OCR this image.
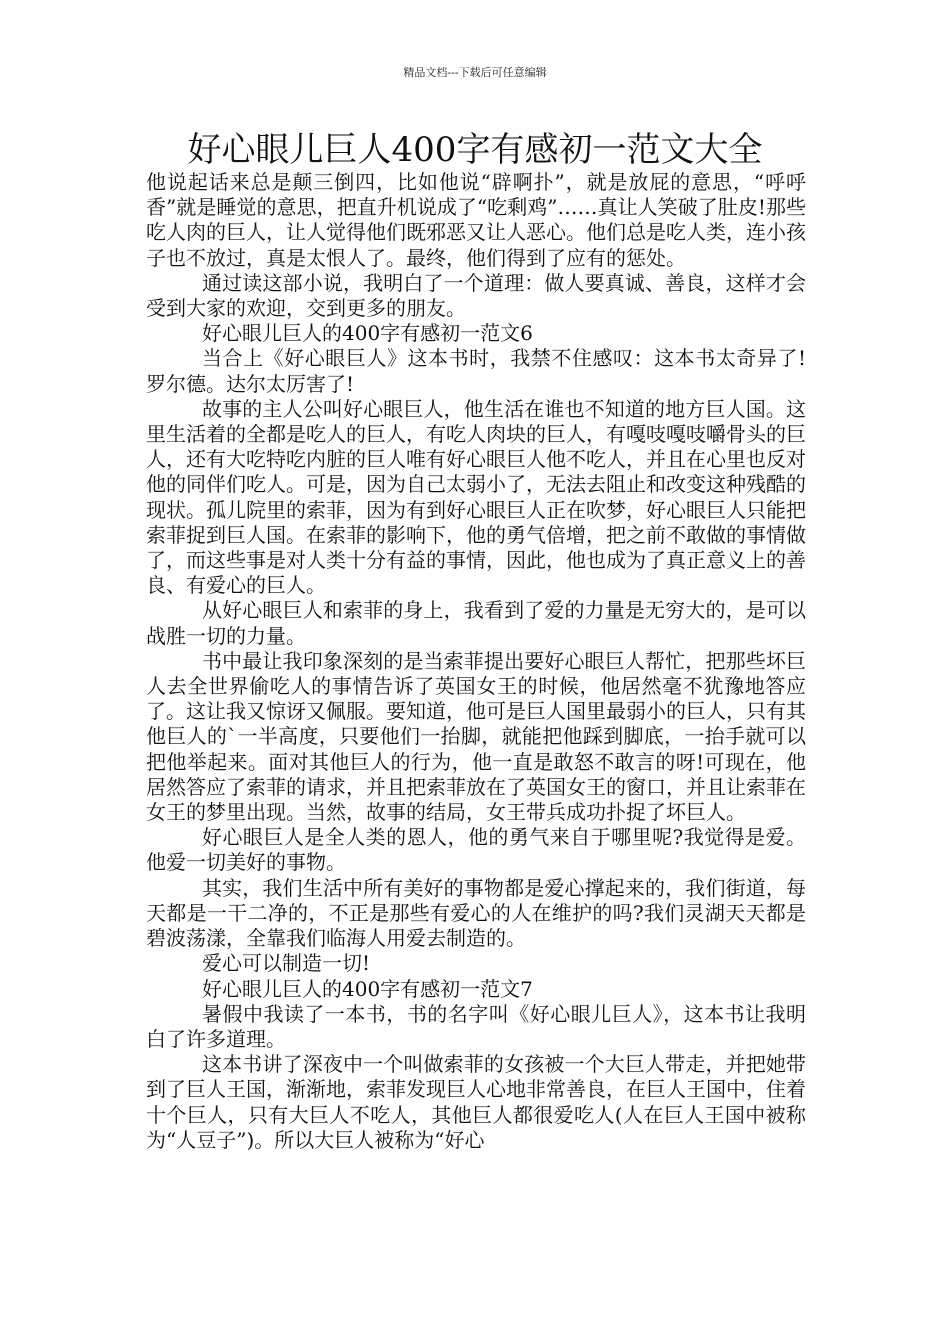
精品文档---下载后可任意编辑
好心眼儿巨人400字有感初一范文大全

他说起话来总是颠三倒四，比如他说“辟啊扑”，就是放屁的意思，“呼呼香”就是睡觉的意思，把直升机说成了“吃剩鸡”……真让人笑破了肚皮!那些吃人肉的巨人，让人觉得他们既邪恶又让人恶心。他们总是吃人类，连小孩子也不放过，真是太恨人了。最终，他们得到了应有的惩处。

通过读这部小说，我明白了一个道理：做人要真诚、善良，这样才会受到大家的欢迎，交到更多的朋友。

好心眼儿巨人的400字有感初一范文6

当合上《好心眼巨人》这本书时，我禁不住感叹：这本书太奇异了!罗尔德。达尔太厉害了!

故事的主人公叫好心眼巨人，他生活在谁也不知道的地方巨人国。这里生活着的全都是吃人的巨人，有吃人肉块的巨人，有嘎吱嘎吱嚼骨头的巨人，还有大吃特吃内脏的巨人唯有好心眼巨人他不吃人，并且在心里也反对他的同伴们吃人。可是，因为自己太弱小了，无法去阻止和改变这种残酷的现状。孤儿院里的索菲，因为有到好心眼巨人正在吹梦，好心眼巨人只能把索菲捉到巨人国。在索菲的影响下，他的勇气倍增，把之前不敢做的事情做了，而这些事是对人类十分有益的事情，因此，他也成为了真正意义上的善良、有爱心的巨人。

从好心眼巨人和索菲的身上，我看到了爱的力量是无穷大的，是可以战胜一切的力量。

书中最让我印象深刻的是当索菲提出要好心眼巨人帮忙，把那些坏巨人去全世界偷吃人的事情告诉了英国女王的时候，他居然毫不犹豫地答应了。这让我又惊讶又佩服。要知道，他可是巨人国里最弱小的巨人，只有其他巨人的`一半高度，只要他们一抬脚，就能把他踩到脚底，一抬手就可以把他举起来。面对其他巨人的行为，他一直是敢怒不敢言的呀!可现在，他居然答应了索菲的请求，并且把索菲放在了英国女王的窗口，并且让索菲在女王的梦里出现。当然，故事的结局，女王带兵成功扑捉了坏巨人。

好心眼巨人是全人类的恩人，他的勇气来自于哪里呢?我觉得是爱。他爱一切美好的事物。

其实，我们生活中所有美好的事物都是爱心撑起来的，我们街道，每天都是一干二净的，不正是那些有爱心的人在维护的吗?我们灵湖天天都是碧波荡漾，全靠我们临海人用爱去制造的。

爱心可以制造一切!

好心眼儿巨人的400字有感初一范文7

暑假中我读了一本书，书的名字叫《好心眼儿巨人》，这本书让我明白了许多道理。

这本书讲了深夜中一个叫做索菲的女孩被一个大巨人带走，并把她带到了巨人王国，渐渐地，索菲发现巨人心地非常善良，在巨人王国中，住着十个巨人，只有大巨人不吃人，其他巨人都很爱吃人(人在巨人王国中被称为“人豆子”)。所以大巨人被称为“好心
